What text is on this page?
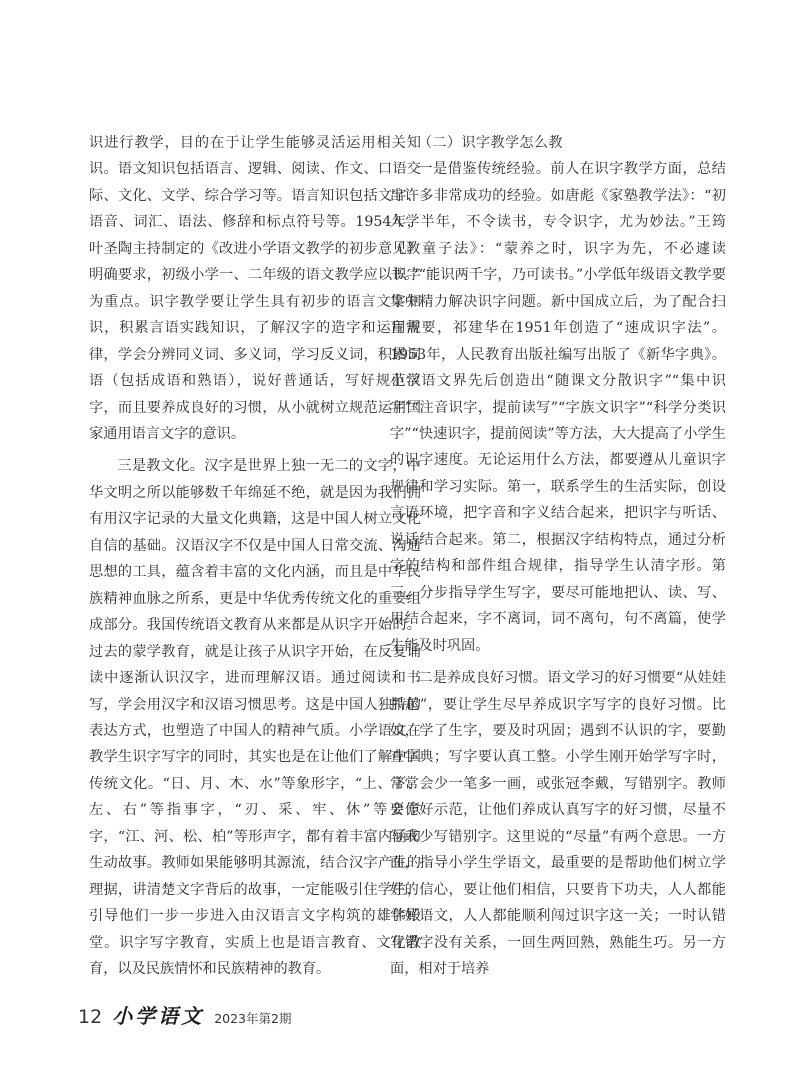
识进行教学，目的在于让学生能够灵活运用相关知识。语文知识包括语言、逻辑、阅读、作文、口语交际、文化、文学、综合学习等。语言知识包括文字、语音、词汇、语法、修辞和标点符号等。1954年，叶圣陶主持制定的《改进小学语文教学的初步意见》明确要求，初级小学一、二年级的语文教学应以识字为重点。识字教学要让学生具有初步的语言文字知识，积累言语实践知识，了解汉字的造字和运用规律，学会分辨同义词、多义词，学习反义词，积累词语（包括成语和熟语），说好普通话，写好规范汉字，而且要养成良好的习惯，从小就树立规范运用国家通用语言文字的意识。

三是教文化。汉字是世界上独一无二的文字，中华文明之所以能够数千年绵延不绝，就是因为我们拥有用汉字记录的大量文化典籍，这是中国人树立文化自信的基础。汉语汉字不仅是中国人日常交流、沟通思想的工具，蕴含着丰富的文化内涵，而且是中华民族精神血脉之所系，更是中华优秀传统文化的重要组成部分。我国传统语文教育从来都是从识字开始的。过去的蒙学教育，就是让孩子从识字开始，在反复诵读中逐渐认识汉字，进而理解汉语。通过阅读和书写，学会用汉字和汉语习惯思考。这是中国人独特的表达方式，也塑造了中国人的精神气质。小学语文在教学生识字写字的同时，其实也是在让他们了解中国传统文化。“日、月、木、水”等象形字，“上、下、左、右”等指事字，“刃、采、牢、休”等会意字，“江、河、松、柏”等形声字，都有着丰富内涵和生动故事。教师如果能够明其源流，结合汉字产生的理据，讲清楚文字背后的故事，一定能吸引住学生，引导他们一步一步进入由汉语言文字构筑的雄伟殿堂。识字写字教育，实质上也是语言教育、文化教育，以及民族情怀和民族精神的教育。

（二）识字教学怎么教

一是借鉴传统经验。前人在识字教学方面，总结出许多非常成功的经验。如唐彪《家塾教学法》：“初入学半年，不令读书，专令识字，尤为妙法。”王筠《教童子法》：“蒙养之时，识字为先，不必遽读书。”“能识两千字，乃可读书。”小学低年级语文教学要集中精力解决识字问题。新中国成立后，为了配合扫盲需要，祁建华在1951年创造了“速成识字法”。1953年，人民教育出版社编写出版了《新华字典》。小学语文界先后创造出“随课文分散识字”“集中识字”“注音识字，提前读写”“字族文识字”“科学分类识字”“快速识字，提前阅读”等方法，大大提高了小学生的识字速度。无论运用什么方法，都要遵从儿童识字规律和学习实际。第一，联系学生的生活实际，创设言语环境，把字音和字义结合起来，把识字与听话、说话结合起来。第二，根据汉字结构特点，通过分析字的结构和部件组合规律，指导学生认清字形。第三，分步指导学生写字，要尽可能地把认、读、写、用结合起来，字不离词，词不离句，句不离篇，使学生能及时巩固。

二是养成良好习惯。语文学习的好习惯要“从娃娃抓起”，要让学生尽早养成识字写字的良好习惯。比如，学了生字，要及时巩固；遇到不认识的字，要勤查字典；写字要认真工整。小学生刚开始学写字时，常常会少一笔多一画，或张冠李戴，写错别字。教师要作好示范，让他们养成认真写字的好习惯，尽量不写或少写错别字。这里说的“尽量”有两个意思。一方面，指导小学生学语文，最重要的是帮助他们树立学好的信心，要让他们相信，只要肯下功夫，人人都能学好语文，人人都能顺利闯过识字这一关；一时认错写错字没有关系，一回生两回熟，熟能生巧。另一方面，相对于培养

12 小学语文 2023年第2期
